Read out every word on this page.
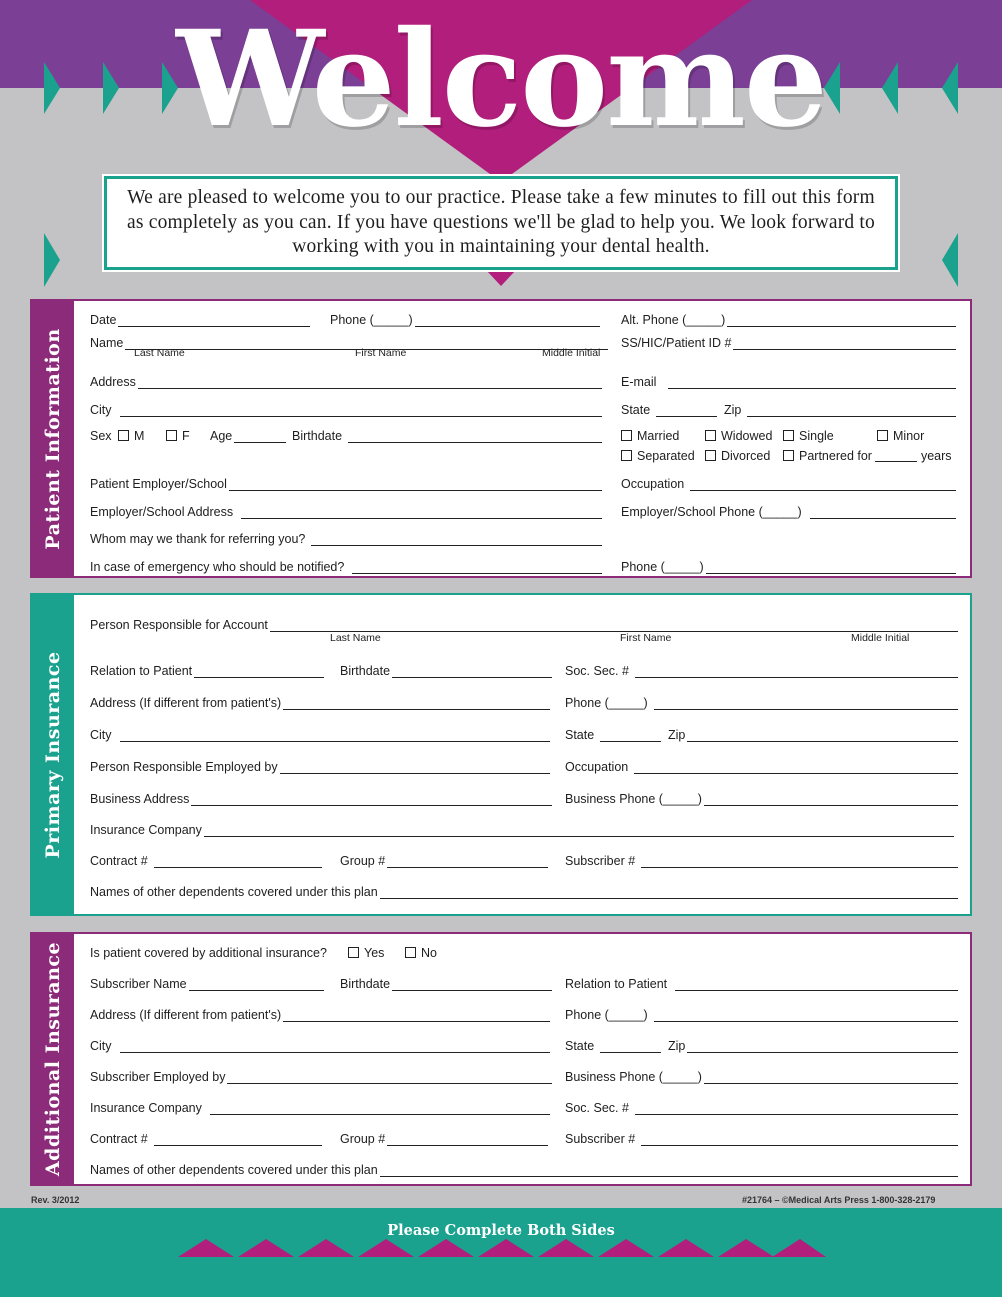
Welcome

We are pleased to welcome you to our practice. Please take a few minutes to fill out this form as completely as you can. If you have questions we'll be glad to help you. We look forward to working with you in maintaining your dental health.

Patient Information
Date	Phone (_____)	Alt. Phone (_____)
Name
Last Name	First Name	Middle Initial
SS/HIC/Patient ID #
Address	E-mail
City	State	Zip
Sex	M	F Age	Birthdate	Married	Widowed	Single	Minor
Separated	Divorced	Partnered for	years
Patient Employer/School	Occupation
Employer/School Address	Employer/School Phone (_____)
Whom may we thank for referring you?
In case of emergency who should be notified?	Phone (_____)
Primary Insurance
Person Responsible for Account
Last Name	First Name	Middle Initial
Relation to Patient	Birthdate	Soc. Sec. #
Address (If different from patient's)	Phone (_____)
City	State	Zip
Person Responsible Employed by	Occupation
Business Address	Business Phone (_____)
Insurance Company
Contract #	Group #	Subscriber #
Names of other dependents covered under this plan
Additional Insurance Is patient covered by additional insurance?	Yes	No
Subscriber Name	Birthdate	Relation to Patient
Address (If different from patient's)	Phone (_____)
City	State	Zip
Subscriber Employed by	Business Phone (_____)
Insurance Company	Soc. Sec. #
Contract #	Group #	Subscriber #
Names of other dependents covered under this plan
Rev. 3/2012	#21764 – ©Medical Arts Press 1-800-328-2179
Please Complete Both Sides
